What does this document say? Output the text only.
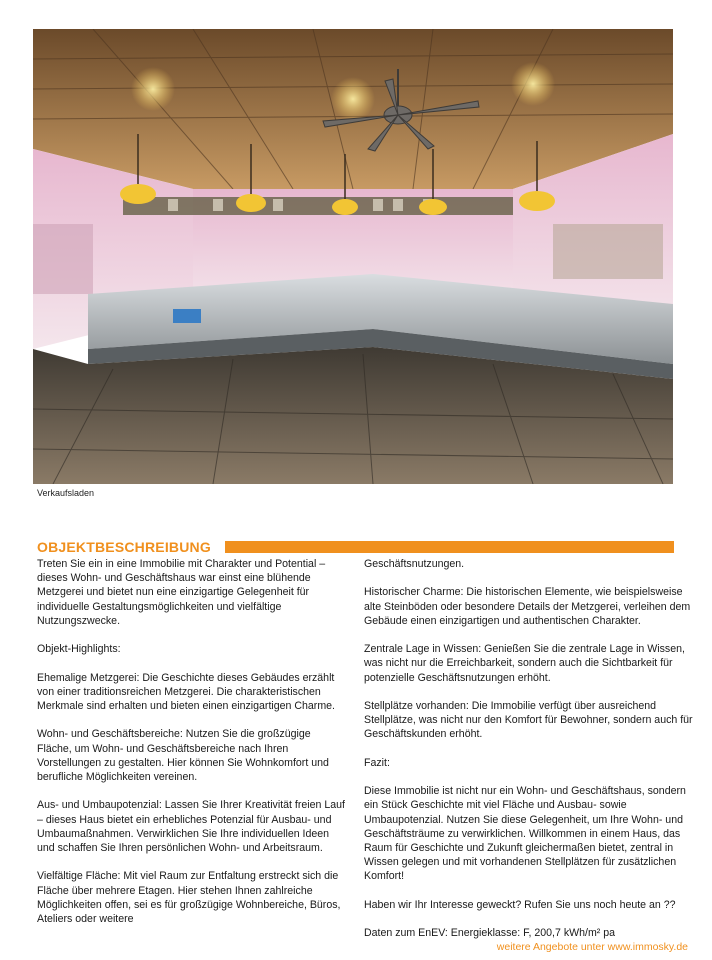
Verkaufsladen
OBJEKTBESCHREIBUNG

Treten Sie ein in eine Immobilie mit Charakter und Potential – dieses Wohn- und Geschäftshaus war einst eine blühende Metzgerei und bietet nun eine einzigartige Gelegenheit für individuelle Gestaltungsmöglichkeiten und vielfältige Nutzungszwecke.

Objekt-Highlights:

Ehemalige Metzgerei: Die Geschichte dieses Gebäudes erzählt von einer traditionsreichen Metzgerei. Die charakteristischen Merkmale sind erhalten und bieten einen einzigartigen Charme.

Wohn- und Geschäftsbereiche: Nutzen Sie die großzügige Fläche, um Wohn- und Geschäftsbereiche nach Ihren Vorstellungen zu gestalten. Hier können Sie Wohnkomfort und berufliche Möglichkeiten vereinen.

Aus- und Umbaupotenzial: Lassen Sie Ihrer Kreativität freien Lauf – dieses Haus bietet ein erhebliches Potenzial für Ausbau- und Umbaumaßnahmen. Verwirklichen Sie Ihre individuellen Ideen und schaffen Sie Ihren persönlichen Wohn- und Arbeitsraum.

Vielfältige Fläche: Mit viel Raum zur Entfaltung erstreckt sich die Fläche über mehrere Etagen. Hier stehen Ihnen zahlreiche Möglichkeiten offen, sei es für großzügige Wohnbereiche, Büros, Ateliers oder weitere

Geschäftsnutzungen.

Historischer Charme: Die historischen Elemente, wie beispielsweise alte Steinböden oder besondere Details der Metzgerei, verleihen dem Gebäude einen einzigartigen und authentischen Charakter.

Zentrale Lage in Wissen: Genießen Sie die zentrale Lage in Wissen, was nicht nur die Erreichbarkeit, sondern auch die Sichtbarkeit für potenzielle Geschäftsnutzungen erhöht.

Stellplätze vorhanden: Die Immobilie verfügt über ausreichend Stellplätze, was nicht nur den Komfort für Bewohner, sondern auch für Geschäftskunden erhöht.

Fazit:

Diese Immobilie ist nicht nur ein Wohn- und Geschäftshaus, sondern ein Stück Geschichte mit viel Fläche und Ausbau- sowie Umbaupotenzial. Nutzen Sie diese Gelegenheit, um Ihre Wohn- und Geschäftsträume zu verwirklichen. Willkommen in einem Haus, das Raum für Geschichte und Zukunft gleichermaßen bietet, zentral in Wissen gelegen und mit vorhandenen Stellplätzen für zusätzlichen Komfort!

Haben wir Ihr Interesse geweckt? Rufen Sie uns noch heute an ??

Daten zum EnEV: Energieklasse: F, 200,7 kWh/m² pa

weitere Angebote unter www.immosky.de
